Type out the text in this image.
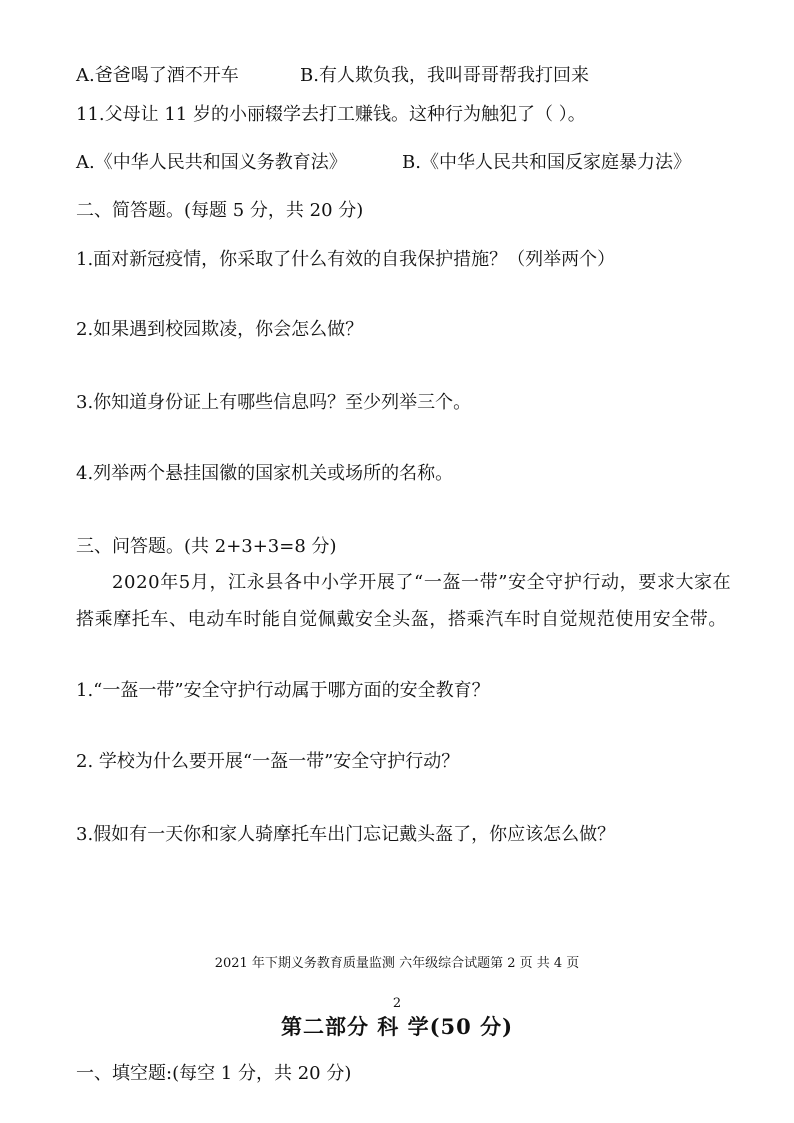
A.爸爸喝了酒不开车	B.有人欺负我，我叫哥哥帮我打回来
11.父母让 11 岁的小丽辍学去打工赚钱。这种行为触犯了（ ）。
A.《中华人民共和国义务教育法》	B.《中华人民共和国反家庭暴力法》
二、简答题。(每题 5 分，共 20 分)
1.面对新冠疫情，你采取了什么有效的自我保护措施？（列举两个）
2.如果遇到校园欺凌，你会怎么做？
3.你知道身份证上有哪些信息吗？至少列举三个。
4.列举两个悬挂国徽的国家机关或场所的名称。
三、问答题。(共 2+3+3=8 分)
2020年5月，江永县各中小学开展了“一盔一带”安全守护行动，要求大家在搭乘摩托车、电动车时能自觉佩戴安全头盔，搭乘汽车时自觉规范使用安全带。
1.“一盔一带”安全守护行动属于哪方面的安全教育？
2. 学校为什么要开展“一盔一带”安全守护行动？
3.假如有一天你和家人骑摩托车出门忘记戴头盔了，你应该怎么做？
2021 年下期义务教育质量监测 六年级综合试题第 2 页 共 4 页
2
第二部分 科 学(50 分)
一、填空题:(每空 1 分，共 20 分)
